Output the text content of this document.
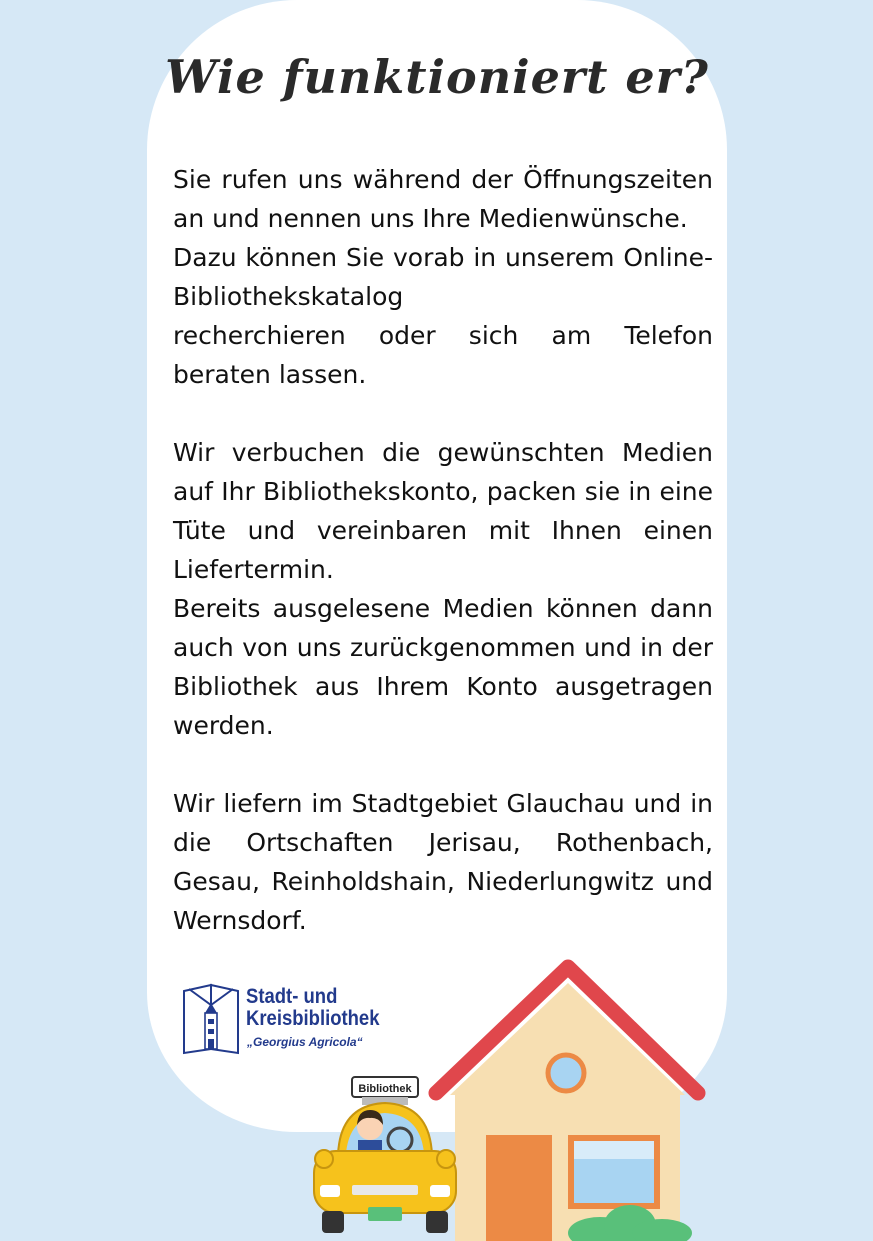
Wie funktioniert er?

Sie rufen uns während der Öffnungszeiten an und nennen uns Ihre Medienwünsche.

Dazu können Sie vorab in unserem Online-Bibliothekskatalog

recherchieren oder sich am Telefon beraten lassen.

Wir verbuchen die gewünschten Medien auf Ihr Bibliothekskonto, packen sie in eine Tüte und vereinbaren mit Ihnen einen Liefertermin.

Bereits ausgelesene Medien können dann auch von uns zurückgenommen und in der Bibliothek aus Ihrem Konto ausgetragen werden.

Wir liefern im Stadtgebiet Glauchau und in die Ortschaften Jerisau, Rothenbach, Gesau, Reinholdshain, Niederlungwitz und Wernsdorf.

Stadt- und
Kreisbibliothek
„Georgius Agricola“
Bibliothek
